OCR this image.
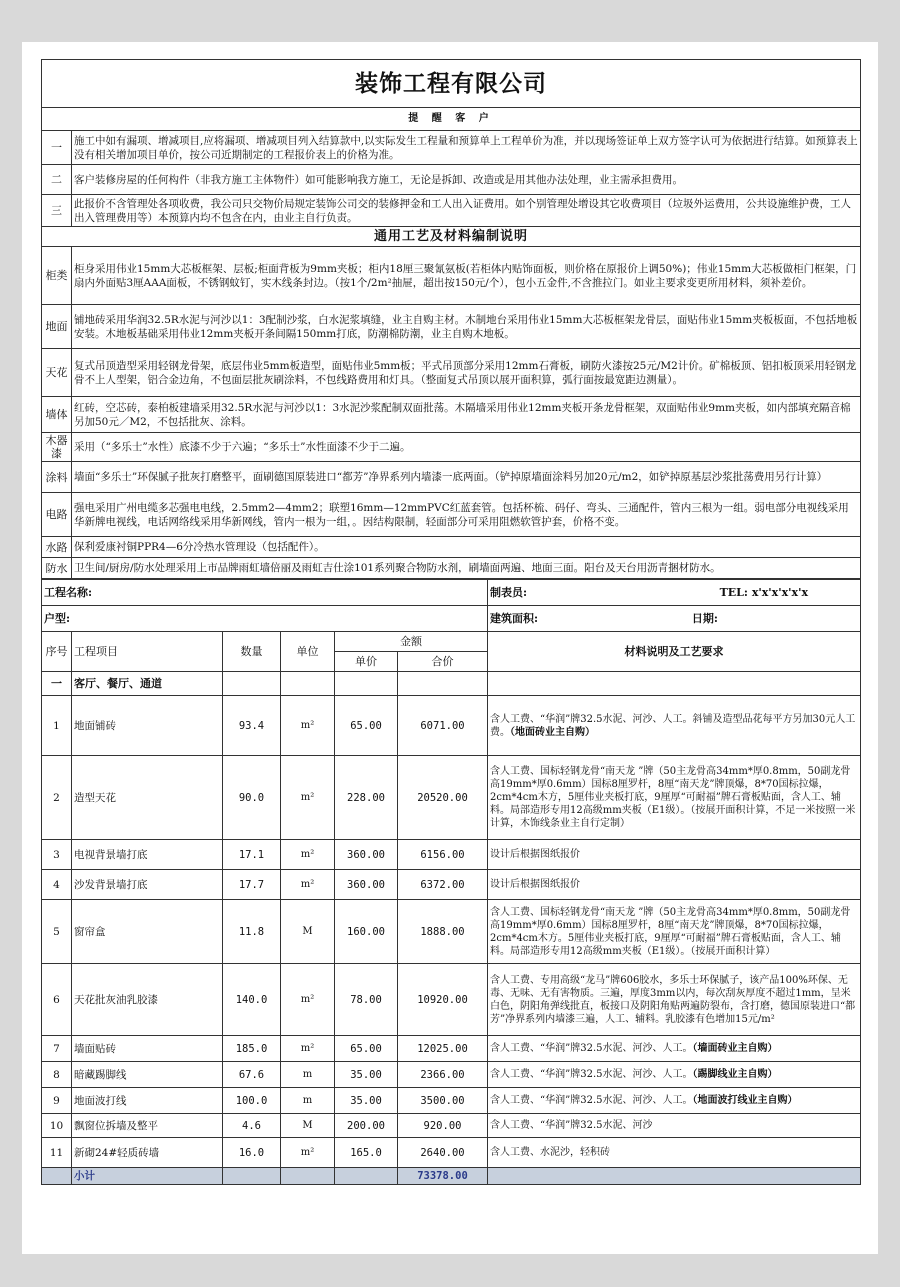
装饰工程有限公司	
提 醒 客 户	
一	施工中如有漏项、增减项目,应将漏项、增减项目列入结算款中,以实际发生工程量和预算单上工程单价为准，并以现场签证单上双方签字认可为依据进行结算。如预算表上没有相关增加项目单价，按公司近期制定的工程报价表上的价格为准。
二	客户装修房屋的任何构件（非我方施工主体物件）如可能影响我方施工，无论是拆卸、改造或是用其他办法处理，业主需承担费用。
三	此报价不含管理处各项收费，我公司只交物价局规定装饰公司交的装修押金和工人出入证费用。如个别管理处增设其它收费项目（垃圾外运费用，公共设施维护费，工人出入管理费用等）本预算内均不包含在内，由业主自行负责。
通用工艺及材料编制说明	
柜类	柜身采用伟业15mm大芯板框架、层板;柜面背板为9mm夹板；柜内18厘三聚氰氨板(若柜体内贴饰面板，则价格在原报价上调50%)；伟业15mm大芯板做柜门框架，门扇内外面贴3厘AAA面板，不锈钢蚊钉，实木线条封边。（按1个/2m²抽屉，超出按150元/个），包小五金件,不含推拉门。如业主要求变更所用材料，须补差价。
地面	铺地砖采用华润32.5R水泥与河沙以1：3配制沙浆，白水泥浆填缝，业主自购主材。木制地台采用伟业15mm大芯板框架龙骨层，面贴伟业15mm夹板板面，不包括地板安装。木地板基础采用伟业12mm夹板开条间隔150mm打底，防潮棉防潮，业主自购木地板。
天花	复式吊顶造型采用轻钢龙骨架，底层伟业5mm板造型，面贴伟业5mm板；平式吊顶部分采用12mm石膏板，刷防火漆按25元/M2计价。矿棉板顶、铝扣板顶采用轻钢龙骨不上人型架，铝合金边角，不包面层批灰刷涂料，不包线路费用和灯具。（整面复式吊顶以展开面积算，弧行面按最宽距边测量）。
墙体	红砖，空芯砖，泰柏板建墙采用32.5R水泥与河沙以1：3水泥沙浆配制双面批荡。木隔墙采用伟业12mm夹板开条龙骨框架，双面贴伟业9mm夹板，如内部填充隔音棉另加50元／M2，不包括批灰、涂料。
木器漆	采用（“多乐士”水性）底漆不少于六遍；“多乐士”水性面漆不少于二遍。
涂料	墙面“多乐士”环保腻子批灰打磨整平，面刷德国原装进口“都芳”净界系列内墙漆一底两面。（铲掉原墙面涂料另加20元/m2，如铲掉原基层沙浆批荡费用另行计算）
电路	强电采用广州电缆多芯强电电线，2.5mm2—4mm2；联塑16mm—12mmPVC红蓝套管。包括杯梳、码仔、弯头、三通配件，管内三根为一组。弱电部分电视线采用华新牌电视线，电话网络线采用华新网线，管内一根为一组，。因结构限制，轻面部分可采用阻燃软管护套，价格不变。
水路	保利爱康衬铜PPR4—6分冷热水管理设（包括配件）。
防水	卫生间/厨房/防水处理采用上市品牌雨虹墙倍丽及雨虹吉仕涂101系列聚合物防水剂，刷墙面两遍、地面三面。阳台及天台用沥青捆材防水。
工程名称:						制表员: TEL: x'x'x'x'x'x

户型:						建筑面积: 日期:
序号	工程项目	数量	单位	金额		材料说明及工艺要求
				单价	合价	
一	客厅、餐厅、通道					
1	地面铺砖	93.4	m²	65.00	6071.00	含人工费、“华润”牌32.5水泥、河沙、人工。斜铺及造型品花每平方另加30元人工费。（地面砖业主自购）
2	造型天花	90.0	m²	228.00	20520.00	含人工费、国标轻钢龙骨“南天龙 ”牌（50主龙骨高34mm*厚0.8mm，50副龙骨高19mm*厚0.6mm）国标8厘罗杆，8厘“南天龙”牌顶爆，8*70国标拉爆，2cm*4cm木方，5厘伟业夹板打底，9厘厚“可耐福”牌石膏板贴面，含人工、辅料。局部造形专用12高级mm夹板（E1级）。（按展开面积计算，不足一米按照一米计算，木饰线条业主自行定制）
3	电视背景墙打底	17.1	m²	360.00	6156.00	设计后根据图纸报价
4	沙发背景墙打底	17.7	m²	360.00	6372.00	设计后根据图纸报价
5	窗帘盒	11.8	M	160.00	1888.00	含人工费、国标轻钢龙骨“南天龙 ”牌（50主龙骨高34mm*厚0.8mm，50副龙骨高19mm*厚0.6mm）国标8厘罗杆，8厘“南天龙”牌顶爆，8*70国标拉爆，2cm*4cm木方。5厘伟业夹板打底，9厘厚“可耐福”牌石膏板贴面，含人工、辅料。局部造形专用12高级mm夹板（E1级）。（按展开面积计算）
6	天花批灰油乳胶漆	140.0	m²	78.00	10920.00	含人工费、专用高级“龙马”牌606胶水，多乐士环保腻子，该产品100%环保、无毒、无味、无有害物质。三遍，厚度3mm以内，每次刮灰厚度不超过1mm，呈米白色，阴阳角弹线批直，板接口及阴阳角贴两遍防裂布，含打磨，德国原装进口“都芳”净界系列内墙漆三遍，人工、辅料。乳胶漆有色增加15元/m²
7	墙面贴砖	185.0	m²	65.00	12025.00	含人工费、“华润”牌32.5水泥、河沙、人工。（墙面砖业主自购）
8	暗藏踢脚线	67.6	m	35.00	2366.00	含人工费、“华润”牌32.5水泥、河沙、人工。（踢脚线业主自购）
9	地面波打线	100.0	m	35.00	3500.00	含人工费、“华润”牌32.5水泥、河沙、人工。（地面波打线业主自购）
10	飘窗位拆墙及整平	4.6	M	200.00	920.00	含人工费、“华润”牌32.5水泥、河沙
11	新砌24#轻质砖墙	16.0	m²	165.0	2640.00	含人工费、水泥沙，轻积砖
	小计				73378.00	
